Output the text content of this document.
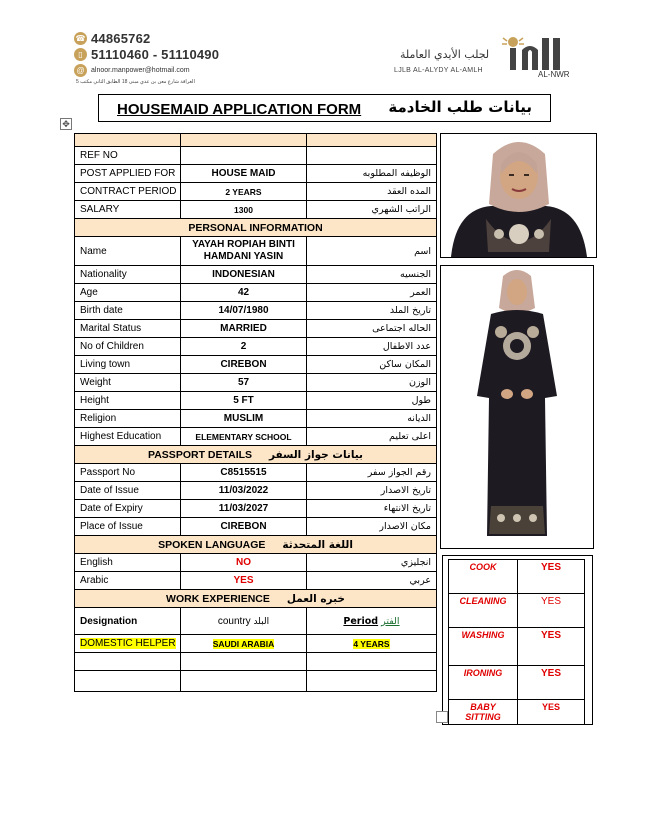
☎ 44865762
▯ 51110460 - 51110490
@ alnoor.manpower@hotmail.com
الغرافة شارع معن بن عدي مبنى 18 الطابق الثاني مكتب 5
لجلب الأيدي العاملة
LJLB AL-ALYDY AL-AMLH	AL-NWR
HOUSEMAID APPLICATION FORM بيانات طلب الخادمة
✥

REF NO		
POST APPLIED FOR	HOUSE MAID	الوظيفه المطلوبه
CONTRACT PERIOD	2 YEARS	المده العقد
SALARY	1300	الراتب الشهري
PERSONAL INFORMATION		
Name	YAYAH ROPIAH BINTI HAMDANI YASIN	اسم
Nationality	INDONESIAN	الجنسيه
Age	42	العمر
Birth date	14/07/1980	تاريخ الملد
Marital Status	MARRIED	الحاله اجتماعى
No of Children	2	عدد الاطفال
Living town	CIREBON	المكان ساكن
Weight	57	الوزن
Height	5 FT	طول
Religion	MUSLIM	الديانه
Highest Education	ELEMENTARY SCHOOL	اعلى تعليم
PASSPORT DETAILS بيانات جواز السفر		
Passport No	C8515515	رقم الجواز سفر
Date of Issue	11/03/2022	تاريخ الاصدار
Date of Expiry	11/03/2027	تاريخ الانتهاء
Place of Issue	CIREBON	مكان الاصدار
SPOKEN LANGUAGE اللغة المتحدثة		
English	NO	انجليزي
Arabic	YES	عربي
WORK EXPERIENCE خبره العمل		
Designation	country البلد	Period الفتر
DOMESTIC HELPER	SAUDI ARABIA	4 YEARS

COOK	YES
CLEANING	YES
WASHING	YES
IRONING	YES
BABY SITTING	YES
